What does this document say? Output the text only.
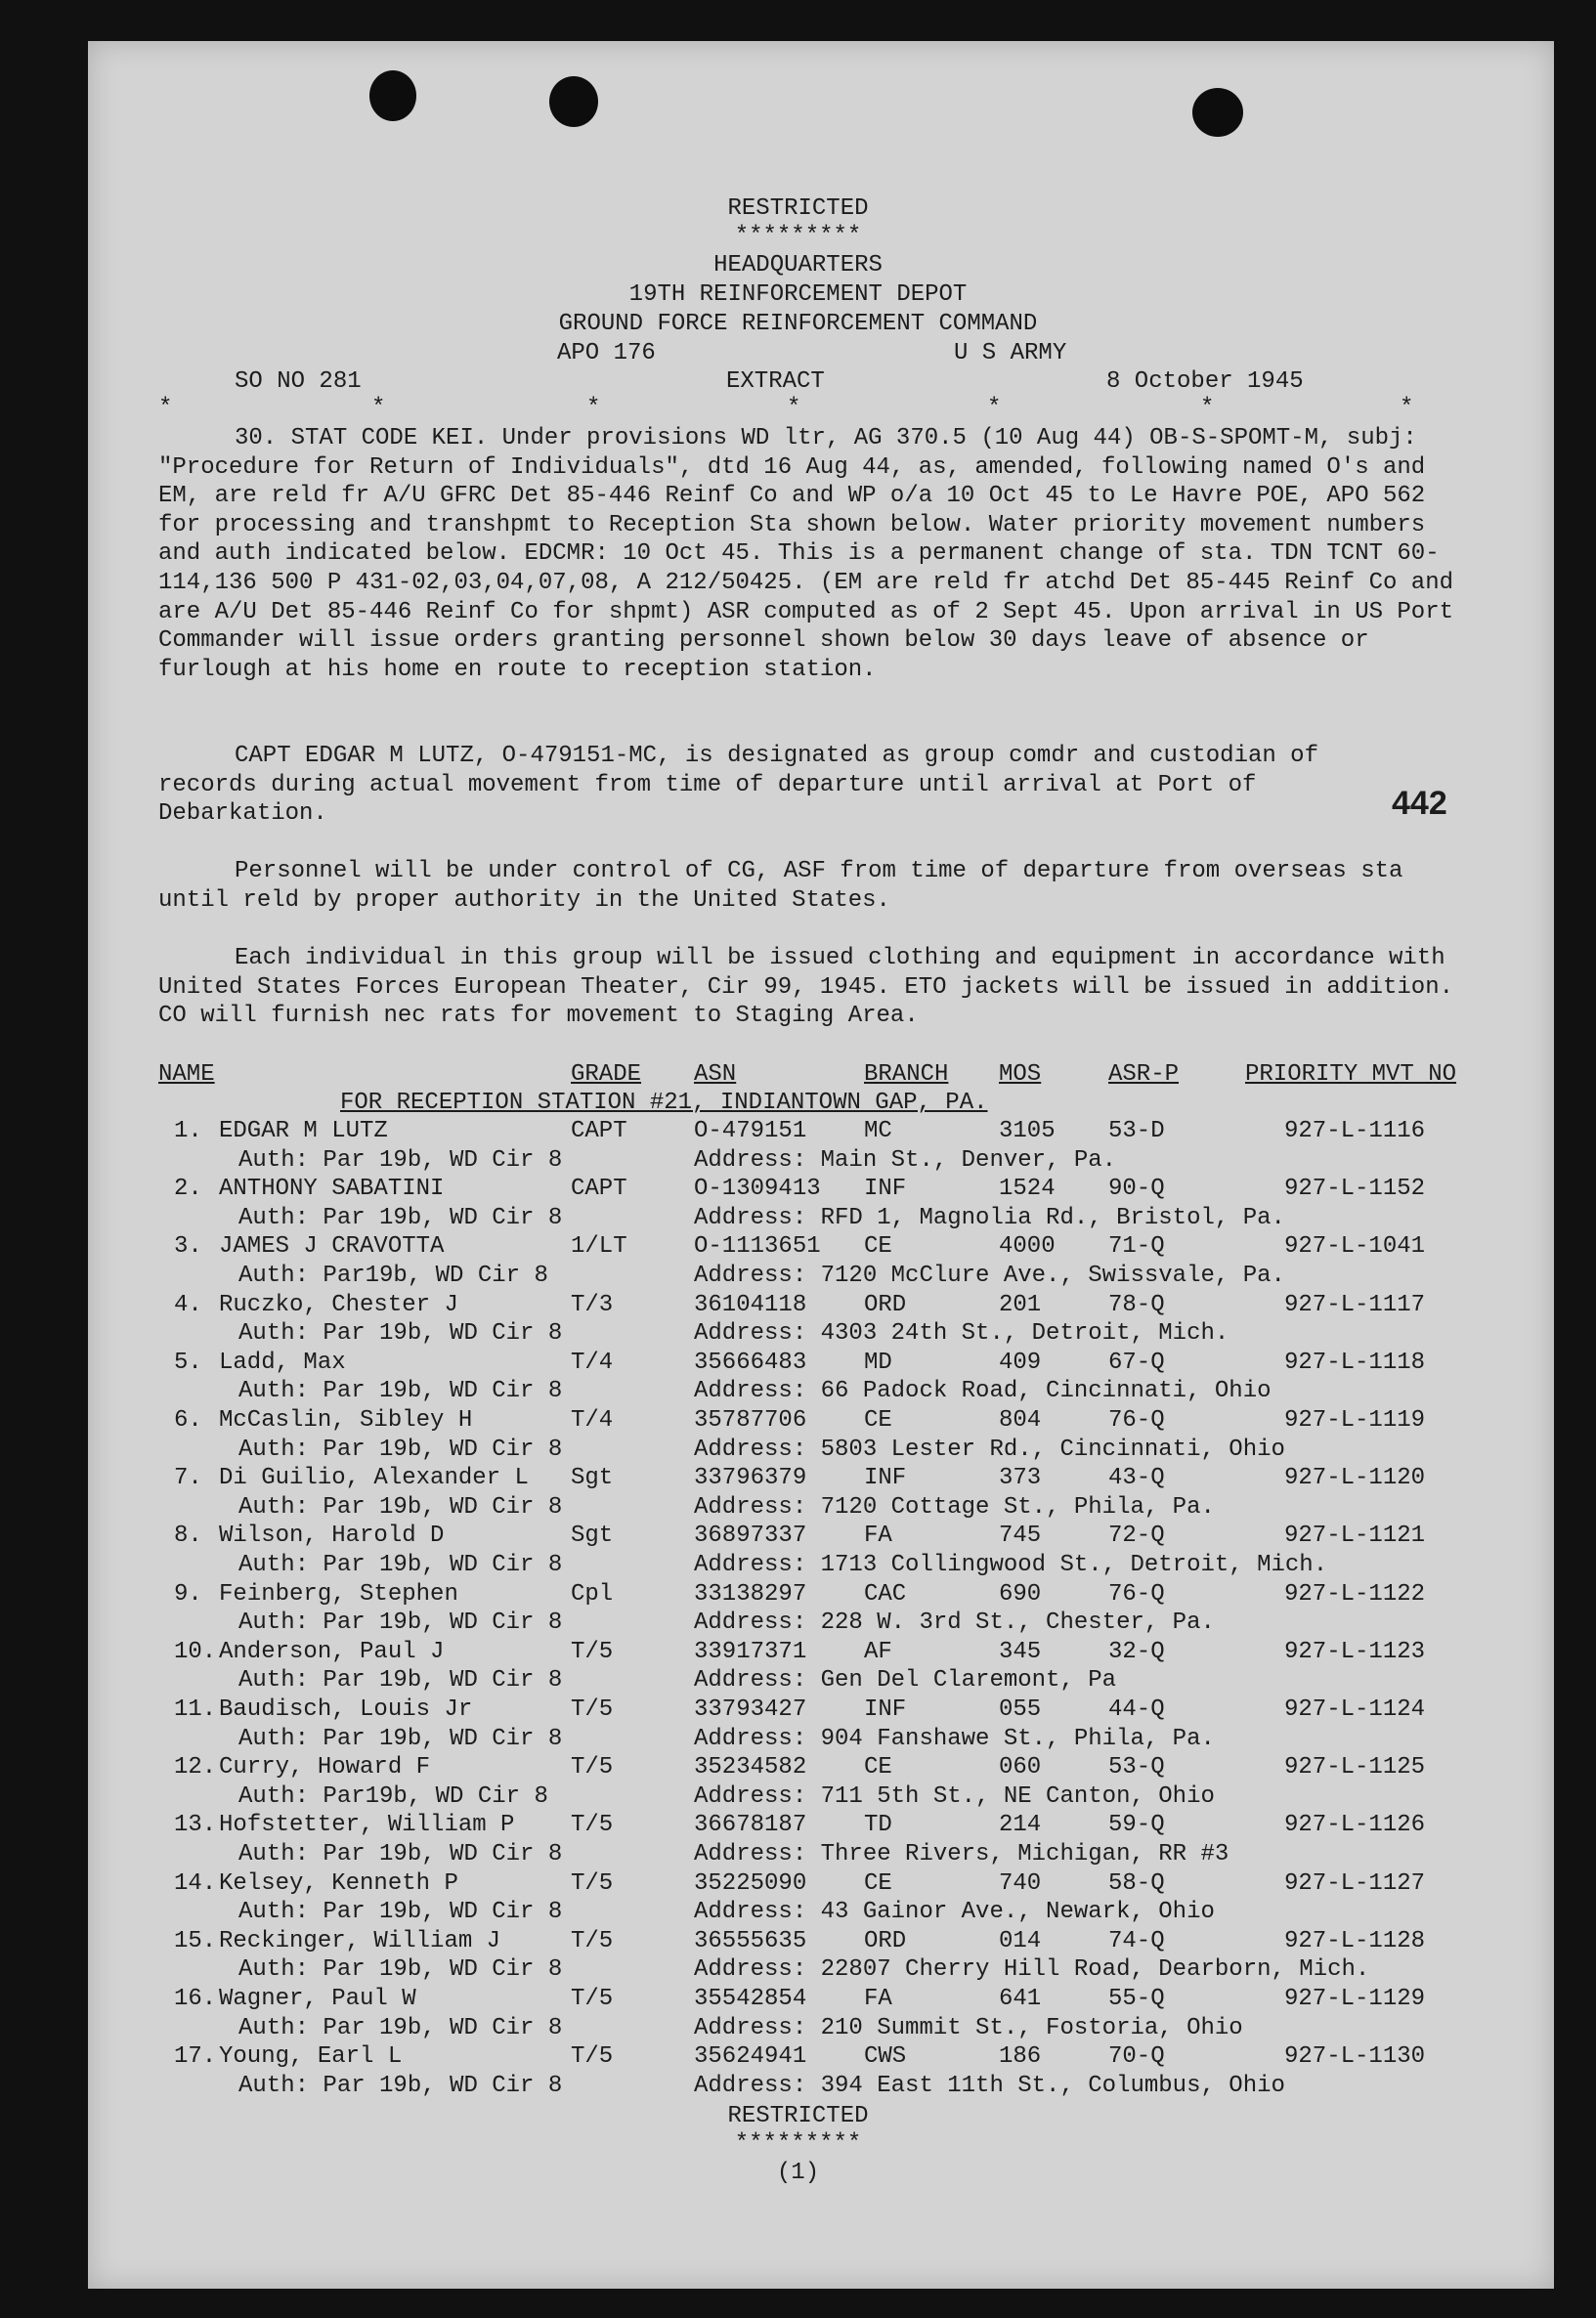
RESTRICTED
*********
HEADQUARTERS
19TH REINFORCEMENT DEPOT
GROUND FORCE REINFORCEMENT COMMAND
APO 176	U S ARMY
SO NO 281	EXTRACT	8 October 1945
*	*	*	*	*	*	*
30. STAT CODE KEI. Under provisions WD ltr, AG 370.5 (10 Aug 44) OB-S-SPOMT-M, subj: "Procedure for Return of Individuals", dtd 16 Aug 44, as, amended, following named O's and EM, are reld fr A/U GFRC Det 85-446 Reinf Co and WP o/a 10 Oct 45 to Le Havre POE, APO 562 for processing and transhpmt to Reception Sta shown below. Water priority movement numbers and auth indicated below. EDCMR: 10 Oct 45. This is a permanent change of sta. TDN TCNT 60-114,136 500 P 431-02,03,04,07,08, A 212/50425. (EM are reld fr atchd Det 85-445 Reinf Co and are A/U Det 85-446 Reinf Co for shpmt) ASR computed as of 2 Sept 45. Upon arrival in US Port Commander will issue orders granting personnel shown below 30 days leave of absence or furlough at his home en route to reception station.
CAPT EDGAR M LUTZ, O-479151-MC, is designated as group comdr and custodian of records during actual movement from time of departure until arrival at Port of Debarkation.	442
Personnel will be under control of CG, ASF from time of departure from overseas sta until reld by proper authority in the United States.
Each individual in this group will be issued clothing and equipment in accordance with United States Forces European Theater, Cir 99, 1945. ETO jackets will be issued in addition. CO will furnish nec rats for movement to Staging Area.
NAME	GRADE ASN	BRANCH MOS	ASR-P	PRIORITY MVT NO
FOR RECEPTION STATION #21, INDIANTOWN GAP, PA.
1. EDGAR M LUTZ	CAPT	O-479151 MC	3105 53-D	927-L-1116
Auth: Par 19b, WD Cir 8	Address: Main St., Denver, Pa.
2. ANTHONY SABATINI	CAPT	O-1309413 INF	1524 90-Q	927-L-1152
Auth: Par 19b, WD Cir 8	Address: RFD 1, Magnolia Rd., Bristol, Pa.
3. JAMES J CRAVOTTA	1/LT	O-1113651 CE	4000 71-Q	927-L-1041
Auth: Par19b, WD Cir 8	Address: 7120 McClure Ave., Swissvale, Pa.
4. Ruczko, Chester J	T/3	36104118 ORD	201	78-Q	927-L-1117
Auth: Par 19b, WD Cir 8	Address: 4303 24th St., Detroit, Mich.
5. Ladd, Max	T/4	35666483 MD	409	67-Q	927-L-1118
Auth: Par 19b, WD Cir 8	Address: 66 Padock Road, Cincinnati, Ohio
6. McCaslin, Sibley H	T/4	35787706 CE	804	76-Q	927-L-1119
Auth: Par 19b, WD Cir 8	Address: 5803 Lester Rd., Cincinnati, Ohio
7. Di Guilio, Alexander L Sgt	33796379 INF	373	43-Q	927-L-1120
Auth: Par 19b, WD Cir 8	Address: 7120 Cottage St., Phila, Pa.
8. Wilson, Harold D	Sgt	36897337 FA	745	72-Q	927-L-1121
Auth: Par 19b, WD Cir 8	Address: 1713 Collingwood St., Detroit, Mich.
9. Feinberg, Stephen	Cpl	33138297 CAC	690	76-Q	927-L-1122
Auth: Par 19b, WD Cir 8	Address: 228 W. 3rd St., Chester, Pa.
10. Anderson, Paul J	T/5	33917371 AF	345	32-Q	927-L-1123
Auth: Par 19b, WD Cir 8	Address: Gen Del Claremont, Pa
11. Baudisch, Louis Jr	T/5	33793427 INF	055	44-Q	927-L-1124
Auth: Par 19b, WD Cir 8	Address: 904 Fanshawe St., Phila, Pa.
12. Curry, Howard F	T/5	35234582 CE	060	53-Q	927-L-1125
Auth: Par19b, WD Cir 8	Address: 711 5th St., NE Canton, Ohio
13. Hofstetter, William P T/5	36678187 TD	214	59-Q	927-L-1126
Auth: Par 19b, WD Cir 8	Address: Three Rivers, Michigan, RR #3
14. Kelsey, Kenneth P	T/5	35225090 CE	740	58-Q	927-L-1127
Auth: Par 19b, WD Cir 8	Address: 43 Gainor Ave., Newark, Ohio
15. Reckinger, William J	T/5	36555635 ORD	014	74-Q	927-L-1128
Auth: Par 19b, WD Cir 8	Address: 22807 Cherry Hill Road, Dearborn, Mich.
16. Wagner, Paul W	T/5	35542854 FA	641	55-Q	927-L-1129
Auth: Par 19b, WD Cir 8	Address: 210 Summit St., Fostoria, Ohio
17. Young, Earl L	T/5	35624941 CWS	186	70-Q	927-L-1130
Auth: Par 19b, WD Cir 8	Address: 394 East 11th St., Columbus, Ohio
RESTRICTED
*********
(1)
